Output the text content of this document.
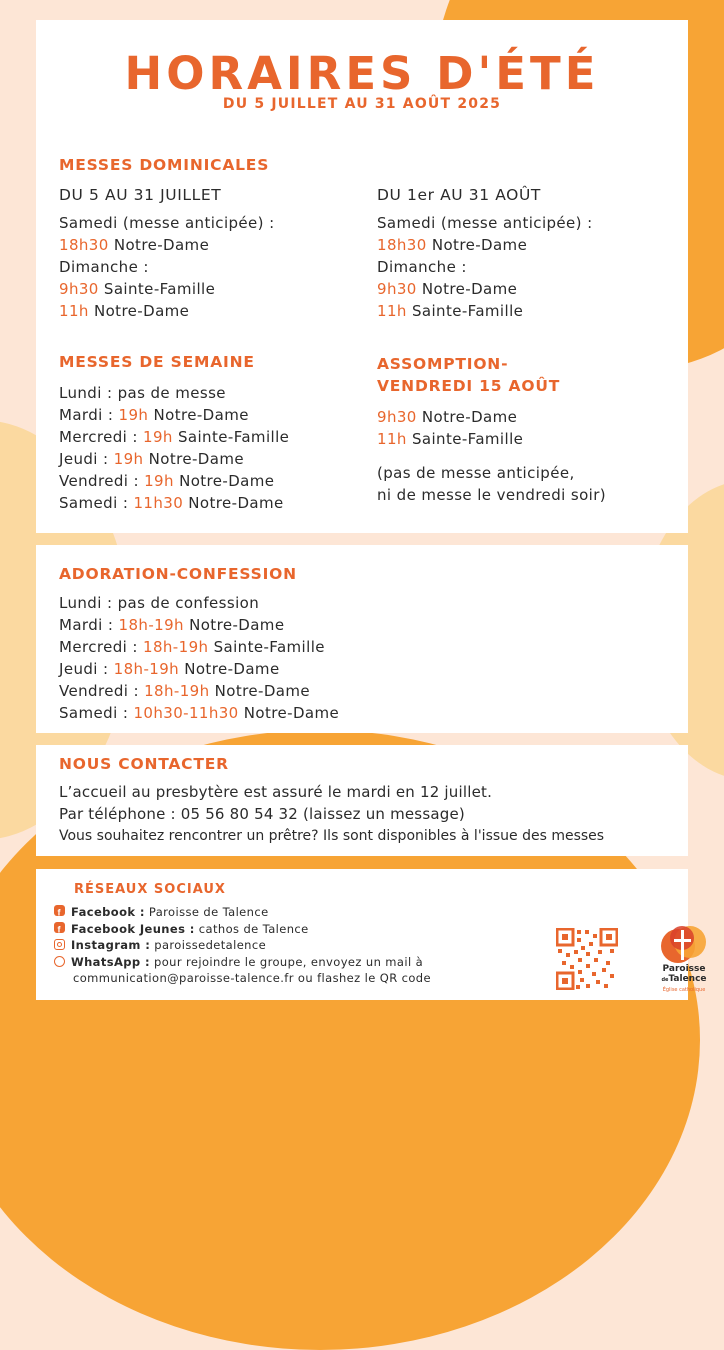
HORAIRES D'ÉTÉ
DU 5 JUILLET AU 31 AOÛT 2025
MESSES DOMINICALES
DU 5 AU 31 JUILLET
Samedi (messe anticipée) :
18h30 Notre-Dame
Dimanche :
9h30 Sainte-Famille
11h Notre-Dame
DU 1er AU 31 AOÛT
Samedi (messe anticipée) :
18h30 Notre-Dame
Dimanche :
9h30 Notre-Dame
11h Sainte-Famille
MESSES DE SEMAINE
Lundi : pas de messe
Mardi : 19h Notre-Dame
Mercredi : 19h Sainte-Famille
Jeudi : 19h Notre-Dame
Vendredi : 19h Notre-Dame
Samedi : 11h30 Notre-Dame
ASSOMPTION-
VENDREDI 15 AOÛT
9h30 Notre-Dame
11h Sainte-Famille
(pas de messe anticipée,
ni de messe le vendredi soir)
ADORATION-CONFESSION
Lundi : pas de confession
Mardi : 18h-19h Notre-Dame
Mercredi : 18h-19h Sainte-Famille
Jeudi : 18h-19h Notre-Dame
Vendredi : 18h-19h Notre-Dame
Samedi : 10h30-11h30 Notre-Dame
NOUS CONTACTER
L’accueil au presbytère est assuré le mardi en 12 juillet.
Par téléphone : 05 56 80 54 32 (laissez un message)
Vous souhaitez rencontrer un prêtre? Ils sont disponibles à l'issue des messes
RÉSEAUX SOCIAUX
f Facebook : Paroisse de Talence
f Facebook Jeunes : cathos de Talence
Instagram : paroissedetalence
WhatsApp : pour rejoindre le groupe, envoyez un mail à
communication@paroisse-talence.fr ou flashez le QR code
Paroisse
deTalence
Église catholique
